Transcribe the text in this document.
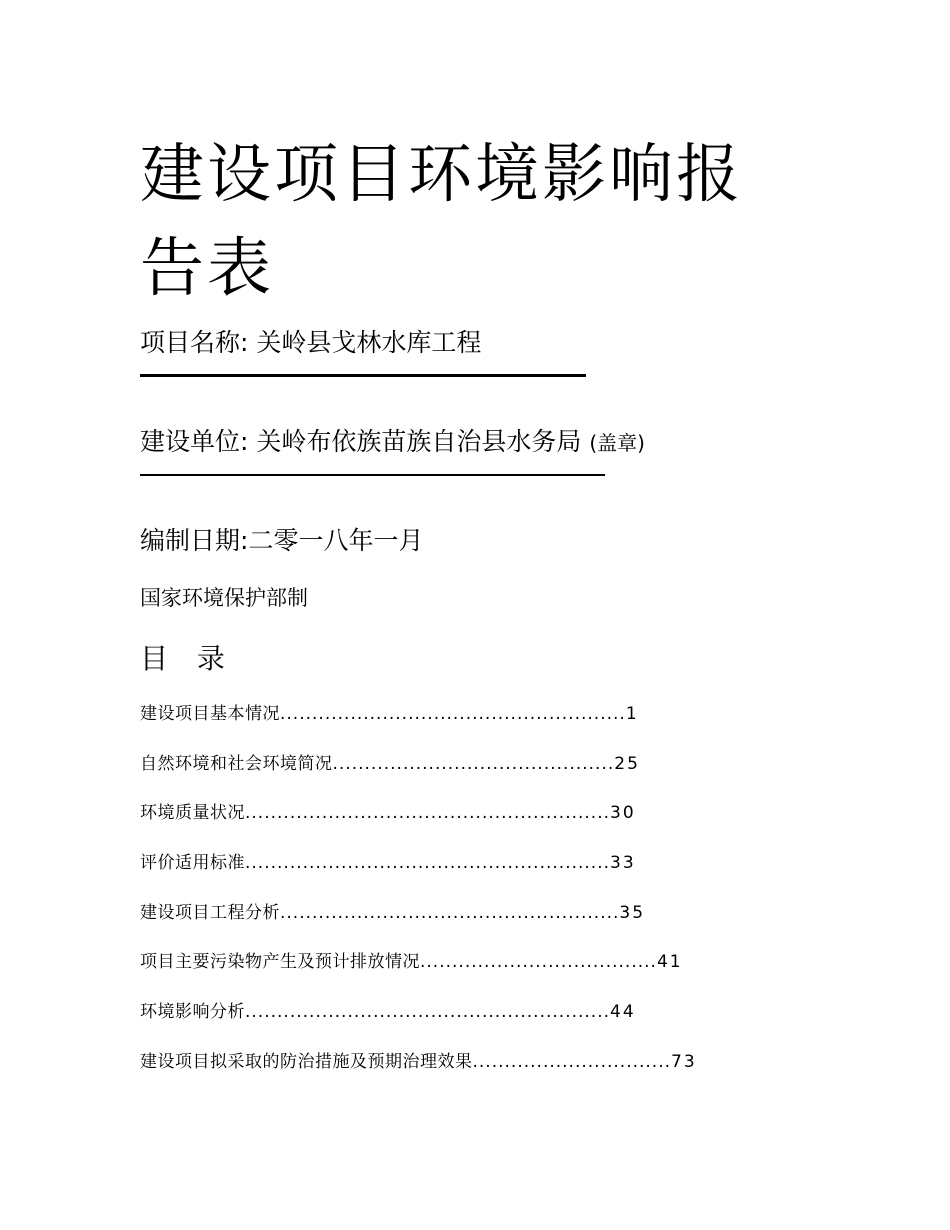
建设项目环境影响报告表
项目名称: 关岭县戈林水库工程
建设单位: 关岭布依族苗族自治县水务局 (盖章)
编制日期:二零一八年一月
国家环境保护部制
目 录
建设项目基本情况......................................................1
自然环境和社会环境简况............................................25
环境质量状况.........................................................30
评价适用标准.........................................................33
建设项目工程分析.....................................................35
项目主要污染物产生及预计排放情况.....................................41
环境影响分析.........................................................44
建设项目拟采取的防治措施及预期治理效果...............................73
